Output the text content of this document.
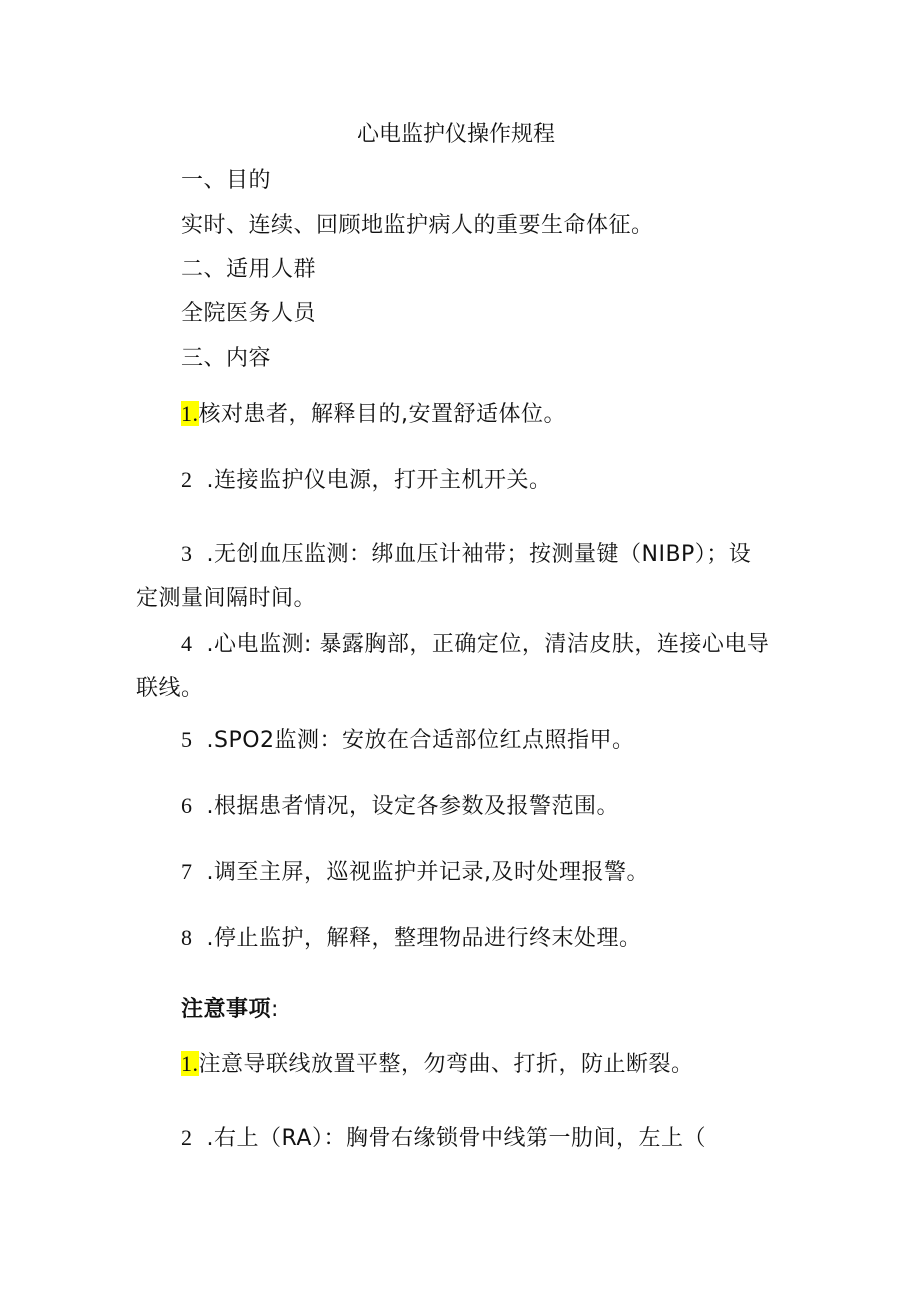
心电监护仪操作规程
一、目的
实时、连续、回顾地监护病人的重要生命体征。
二、适用人群
全院医务人员
三、内容
1.核对患者，解释目的,安置舒适体位。
2 .连接监护仪电源，打开主机开关。
3 .无创血压监测：绑血压计袖带；按测量键（NIBP）；设
定测量间隔时间。
4 .心电监测: 暴露胸部，正确定位，清洁皮肤，连接心电导
联线。
5 .SPO2监测：安放在合适部位红点照指甲。
6 .根据患者情况，设定各参数及报警范围。
7 .调至主屏，巡视监护并记录,及时处理报警。
8 .停止监护，解释，整理物品进行终末处理。
注意事项:
1.注意导联线放置平整，勿弯曲、打折，防止断裂。
2 .右上（RA）：胸骨右缘锁骨中线第一肋间，左上（
